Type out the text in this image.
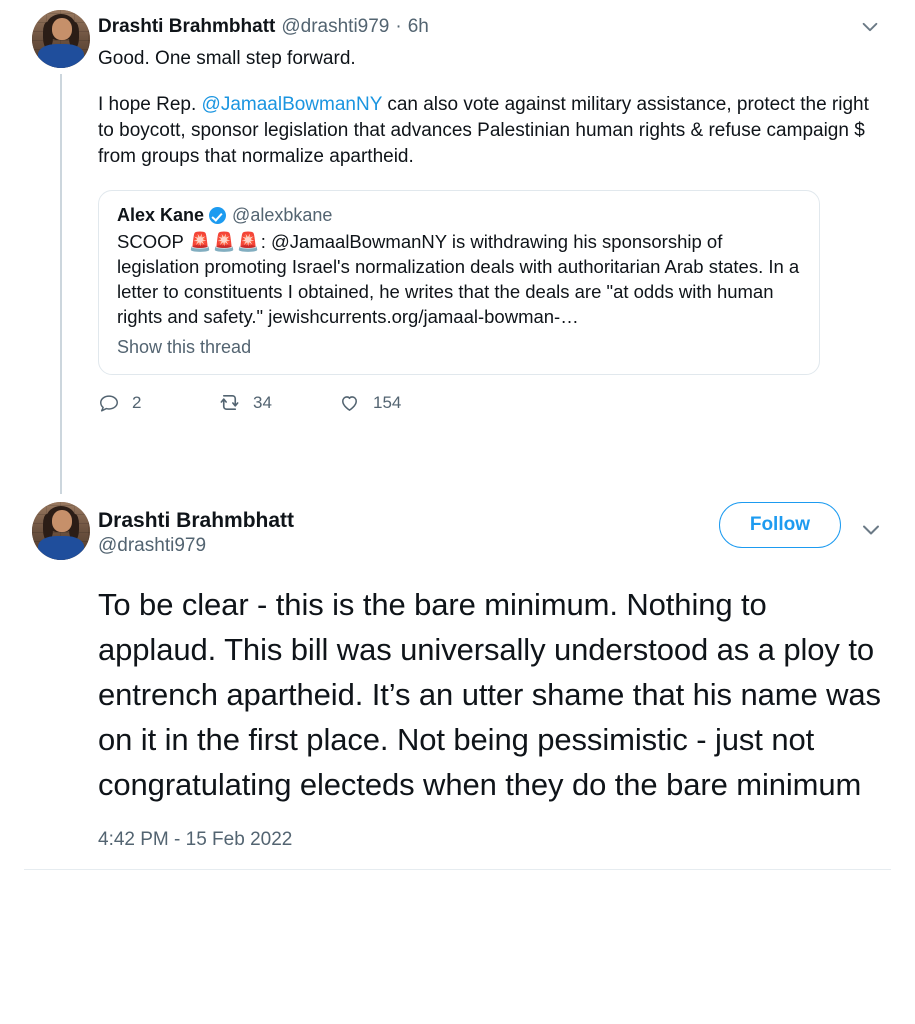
Drashti Brahmbhatt @drashti979 · 6h
Good. One small step forward.
I hope Rep. @JamaalBowmanNY can also vote against military assistance, protect the right to boycott, sponsor legislation that advances Palestinian human rights & refuse campaign $ from groups that normalize apartheid.
Alex Kane @alexbkane
SCOOP 🚨🚨🚨: @JamaalBowmanNY is withdrawing his sponsorship of legislation promoting Israel's normalization deals with authoritarian Arab states. In a letter to constituents I obtained, he writes that the deals are "at odds with human rights and safety." jewishcurrents.org/jamaal-bowman-…
Show this thread
2	34	154
Drashti Brahmbhatt
@drashti979
Follow
To be clear - this is the bare minimum. Nothing to applaud. This bill was universally understood as a ploy to entrench apartheid. It’s an utter shame that his name was on it in the first place. Not being pessimistic - just not congratulating electeds when they do the bare minimum
4:42 PM - 15 Feb 2022
